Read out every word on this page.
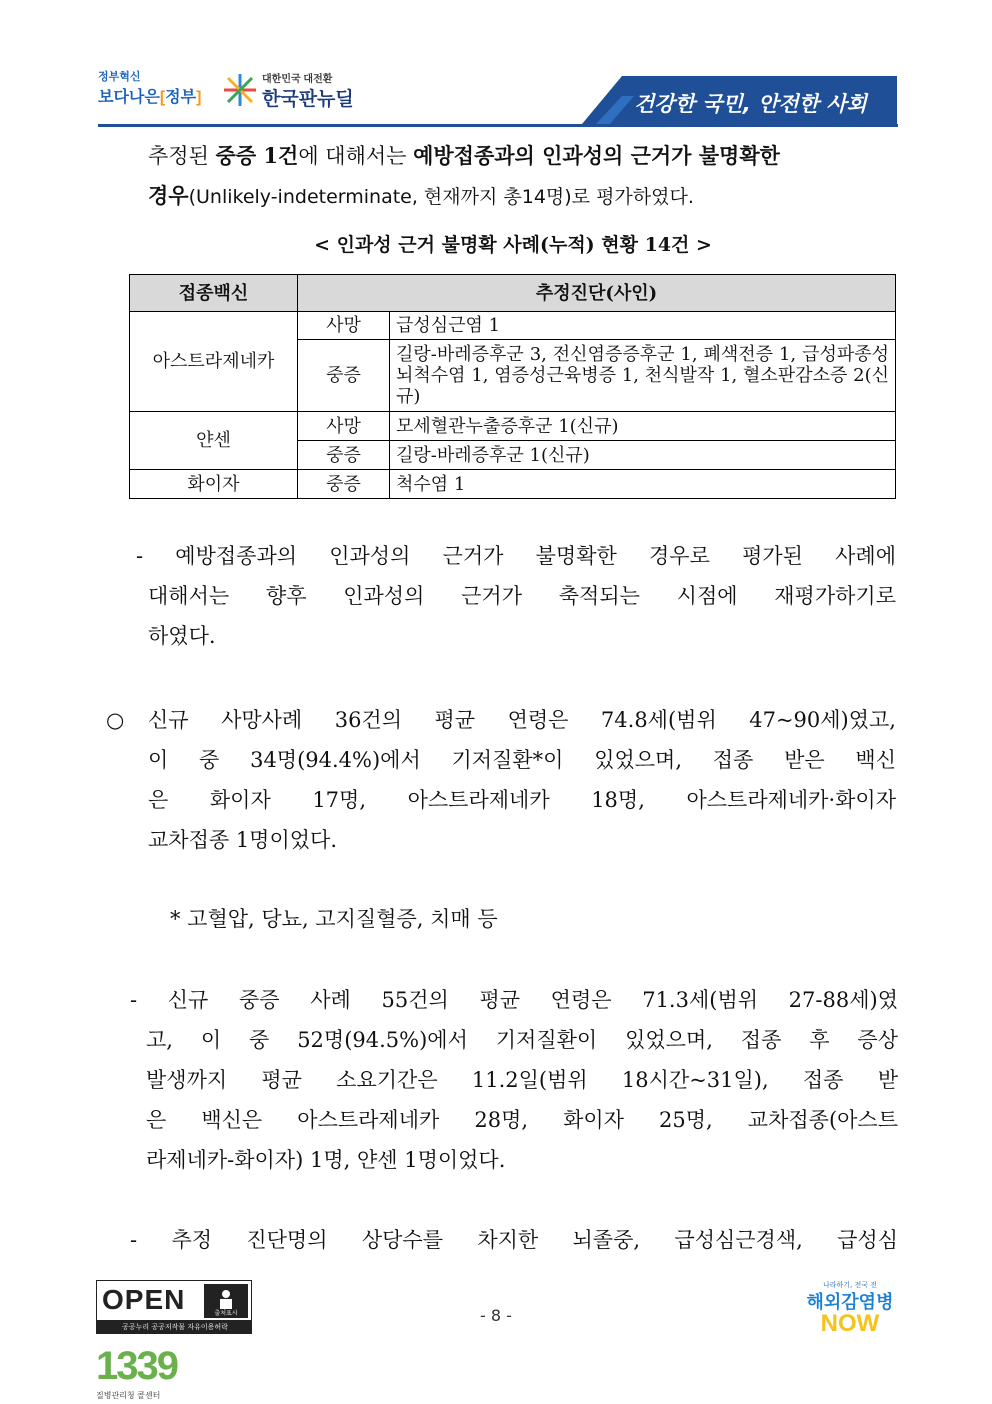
정부혁신
보다나은[정부]
대한민국 대전환
한국판뉴딜	건강한 국민, 안전한 사회
추정된 중증 1건에 대해서는 예방접종과의 인과성의 근거가 불명확한
경우(Unlikely-indeterminate, 현재까지 총14명)로 평가하였다.
< 인과성 근거 불명확 사례(누적) 현황 14건 >
접종백신	추정진단(사인)	
아스트라제네카	사망	급성심근염 1
	중증	길랑-바레증후군 3, 전신염증증후군 1, 폐색전증 1, 급성파종성뇌척수염 1, 염증성근육병증 1, 천식발작 1, 혈소판감소증 2(신규)
얀센	사망	모세혈관누출증후군 1(신규)
	중증	길랑-바레증후군 1(신규)
화이자	중증	척수염 1
- 예방접종과의 인과성의 근거가 불명확한 경우로 평가된 사례에
대해서는 향후 인과성의 근거가 축적되는 시점에 재평가하기로
하였다.
○	신규 사망사례 36건의 평균 연령은 74.8세(범위 47~90세)였고,
이 중 34명(94.4%)에서 기저질환*이 있었으며, 접종 받은 백신
은 화이자 17명, 아스트라제네카 18명, 아스트라제네카·화이자
교차접종 1명이었다.
* 고혈압, 당뇨, 고지질혈증, 치매 등
- 신규 중증 사례 55건의 평균 연령은 71.3세(범위 27-88세)였
고, 이 중 52명(94.5%)에서 기저질환이 있었으며, 접종 후 증상
발생까지 평균 소요기간은 11.2일(범위 18시간~31일), 접종 받
은 백신은 아스트라제네카 28명, 화이자 25명, 교차접종(아스트
라제네카-화이자) 1명, 얀센 1명이었다.
- 추정 진단명의 상당수를 차지한 뇌졸중, 급성심근경색, 급성심
OPEN	출처표시
공공누리 공공저작물 자유이용허락
- 8 -
1339
질병관리청 콜센터
나라하기, 전국 전
해외감염병
NOW
